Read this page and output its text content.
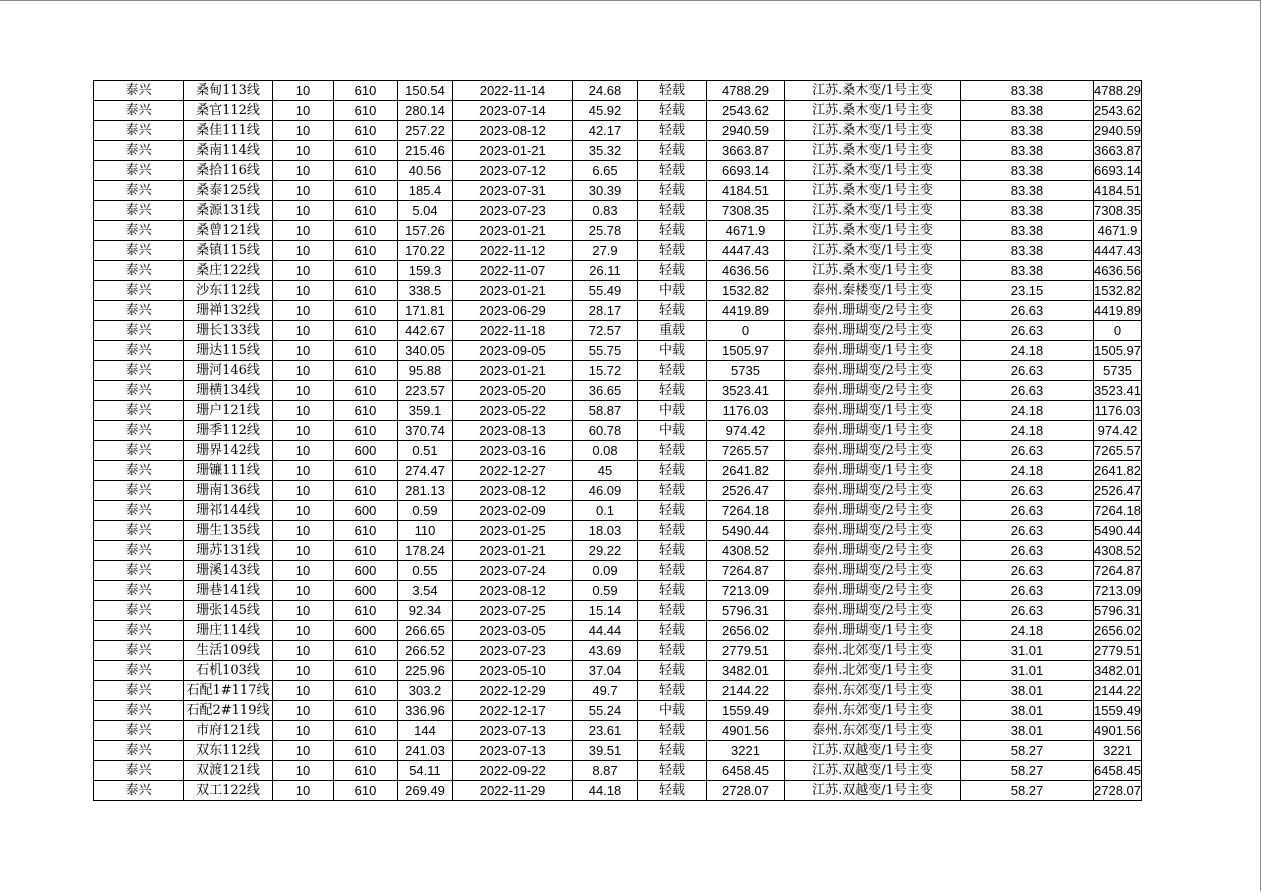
泰兴	桑甸113线	10	610	150.54	2022-11-14	24.68	轻载	4788.29	江苏.桑木变/1号主变	83.38	4788.29
泰兴	桑官112线	10	610	280.14	2023-07-14	45.92	轻载	2543.62	江苏.桑木变/1号主变	83.38	2543.62
泰兴	桑佳111线	10	610	257.22	2023-08-12	42.17	轻载	2940.59	江苏.桑木变/1号主变	83.38	2940.59
泰兴	桑南114线	10	610	215.46	2023-01-21	35.32	轻载	3663.87	江苏.桑木变/1号主变	83.38	3663.87
泰兴	桑拾116线	10	610	40.56	2023-07-12	6.65	轻载	6693.14	江苏.桑木变/1号主变	83.38	6693.14
泰兴	桑泰125线	10	610	185.4	2023-07-31	30.39	轻载	4184.51	江苏.桑木变/1号主变	83.38	4184.51
泰兴	桑源131线	10	610	5.04	2023-07-23	0.83	轻载	7308.35	江苏.桑木变/1号主变	83.38	7308.35
泰兴	桑曾121线	10	610	157.26	2023-01-21	25.78	轻载	4671.9	江苏.桑木变/1号主变	83.38	4671.9
泰兴	桑镇115线	10	610	170.22	2022-11-12	27.9	轻载	4447.43	江苏.桑木变/1号主变	83.38	4447.43
泰兴	桑庄122线	10	610	159.3	2022-11-07	26.11	轻载	4636.56	江苏.桑木变/1号主变	83.38	4636.56
泰兴	沙东112线	10	610	338.5	2023-01-21	55.49	中载	1532.82	泰州.秦楼变/1号主变	23.15	1532.82
泰兴	珊禅132线	10	610	171.81	2023-06-29	28.17	轻载	4419.89	泰州.珊瑚变/2号主变	26.63	4419.89
泰兴	珊长133线	10	610	442.67	2022-11-18	72.57	重载	0	泰州.珊瑚变/2号主变	26.63	0
泰兴	珊达115线	10	610	340.05	2023-09-05	55.75	中载	1505.97	泰州.珊瑚变/1号主变	24.18	1505.97
泰兴	珊河146线	10	610	95.88	2023-01-21	15.72	轻载	5735	泰州.珊瑚变/2号主变	26.63	5735
泰兴	珊横134线	10	610	223.57	2023-05-20	36.65	轻载	3523.41	泰州.珊瑚变/2号主变	26.63	3523.41
泰兴	珊户121线	10	610	359.1	2023-05-22	58.87	中载	1176.03	泰州.珊瑚变/1号主变	24.18	1176.03
泰兴	珊季112线	10	610	370.74	2023-08-13	60.78	中载	974.42	泰州.珊瑚变/1号主变	24.18	974.42
泰兴	珊界142线	10	600	0.51	2023-03-16	0.08	轻载	7265.57	泰州.珊瑚变/2号主变	26.63	7265.57
泰兴	珊镰111线	10	610	274.47	2022-12-27	45	轻载	2641.82	泰州.珊瑚变/1号主变	24.18	2641.82
泰兴	珊南136线	10	610	281.13	2023-08-12	46.09	轻载	2526.47	泰州.珊瑚变/2号主变	26.63	2526.47
泰兴	珊祁144线	10	600	0.59	2023-02-09	0.1	轻载	7264.18	泰州.珊瑚变/2号主变	26.63	7264.18
泰兴	珊生135线	10	610	110	2023-01-25	18.03	轻载	5490.44	泰州.珊瑚变/2号主变	26.63	5490.44
泰兴	珊苏131线	10	610	178.24	2023-01-21	29.22	轻载	4308.52	泰州.珊瑚变/2号主变	26.63	4308.52
泰兴	珊溪143线	10	600	0.55	2023-07-24	0.09	轻载	7264.87	泰州.珊瑚变/2号主变	26.63	7264.87
泰兴	珊巷141线	10	600	3.54	2023-08-12	0.59	轻载	7213.09	泰州.珊瑚变/2号主变	26.63	7213.09
泰兴	珊张145线	10	610	92.34	2023-07-25	15.14	轻载	5796.31	泰州.珊瑚变/2号主变	26.63	5796.31
泰兴	珊庄114线	10	600	266.65	2023-03-05	44.44	轻载	2656.02	泰州.珊瑚变/1号主变	24.18	2656.02
泰兴	生活109线	10	610	266.52	2023-07-23	43.69	轻载	2779.51	泰州.北郊变/1号主变	31.01	2779.51
泰兴	石机103线	10	610	225.96	2023-05-10	37.04	轻载	3482.01	泰州.北郊变/1号主变	31.01	3482.01
泰兴	石配1#117线	10	610	303.2	2022-12-29	49.7	轻载	2144.22	泰州.东郊变/1号主变	38.01	2144.22
泰兴	石配2#119线	10	610	336.96	2022-12-17	55.24	中载	1559.49	泰州.东郊变/1号主变	38.01	1559.49
泰兴	市府121线	10	610	144	2023-07-13	23.61	轻载	4901.56	泰州.东郊变/1号主变	38.01	4901.56
泰兴	双东112线	10	610	241.03	2023-07-13	39.51	轻载	3221	江苏.双越变/1号主变	58.27	3221
泰兴	双渡121线	10	610	54.11	2022-09-22	8.87	轻载	6458.45	江苏.双越变/1号主变	58.27	6458.45
泰兴	双工122线	10	610	269.49	2022-11-29	44.18	轻载	2728.07	江苏.双越变/1号主变	58.27	2728.07
